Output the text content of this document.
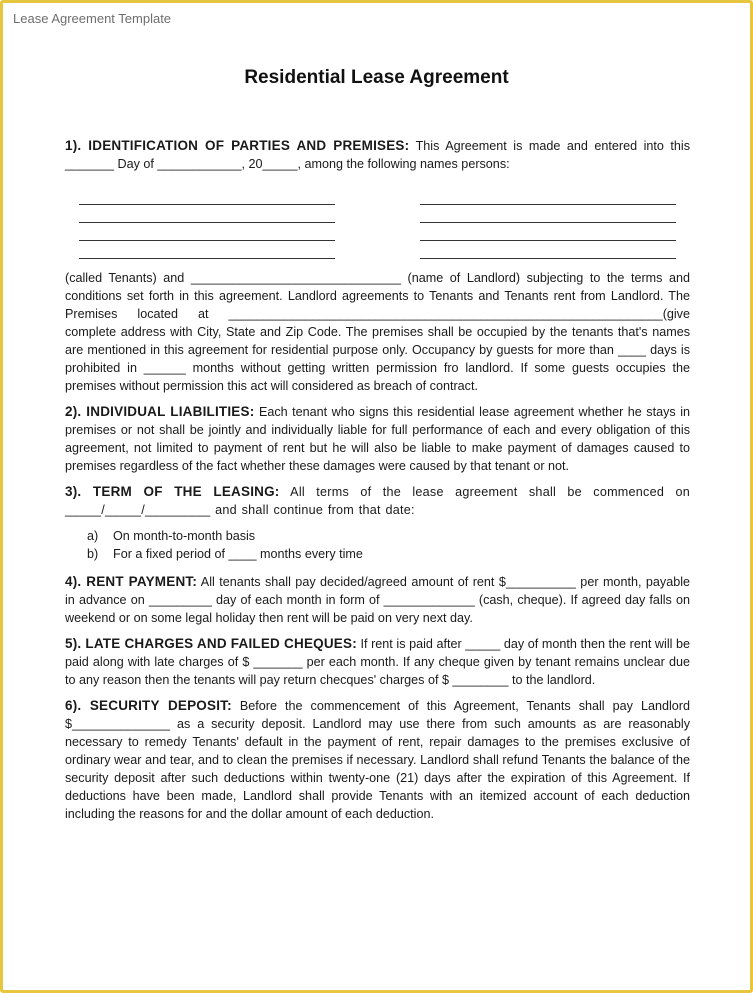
Lease Agreement Template
Residential Lease Agreement

1). IDENTIFICATION OF PARTIES AND PREMISES: This Agreement is made and entered into this _______ Day of ____________, 20_____, among the following names persons:

(called Tenants) and ______________________________ (name of Landlord) subjecting to the terms and conditions set forth in this agreement. Landlord agreements to Tenants and Tenants rent from Landlord. The Premises located at ______________________________________________________________(give complete address with City, State and Zip Code. The premises shall be occupied by the tenants that's names are mentioned in this agreement for residential purpose only. Occupancy by guests for more than ____ days is prohibited in ______ months without getting written permission fro landlord. If some guests occupies the premises without permission this act will considered as breach of contract.

2). INDIVIDUAL LIABILITIES: Each tenant who signs this residential lease agreement whether he stays in premises or not shall be jointly and individually liable for full performance of each and every obligation of this agreement, not limited to payment of rent but he will also be liable to make payment of damages caused to premises regardless of the fact whether these damages were caused by that tenant or not.

3). TERM OF THE LEASING: All terms of the lease agreement shall be commenced on _____/_____/_________ and shall continue from that date:

a) On month-to-month basis
b) For a fixed period of ____ months every time

4). RENT PAYMENT: All tenants shall pay decided/agreed amount of rent $__________ per month, payable in advance on _________ day of each month in form of _____________ (cash, cheque). If agreed day falls on weekend or on some legal holiday then rent will be paid on very next day.

5). LATE CHARGES AND FAILED CHEQUES: If rent is paid after _____ day of month then the rent will be paid along with late charges of $ _______ per each month. If any cheque given by tenant remains unclear due to any reason then the tenants will pay return checques' charges of $ ________ to the landlord.

6). SECURITY DEPOSIT: Before the commencement of this Agreement, Tenants shall pay Landlord $______________ as a security deposit. Landlord may use there from such amounts as are reasonably necessary to remedy Tenants' default in the payment of rent, repair damages to the premises exclusive of ordinary wear and tear, and to clean the premises if necessary. Landlord shall refund Tenants the balance of the security deposit after such deductions within twenty-one (21) days after the expiration of this Agreement. If deductions have been made, Landlord shall provide Tenants with an itemized account of each deduction including the reasons for and the dollar amount of each deduction.
